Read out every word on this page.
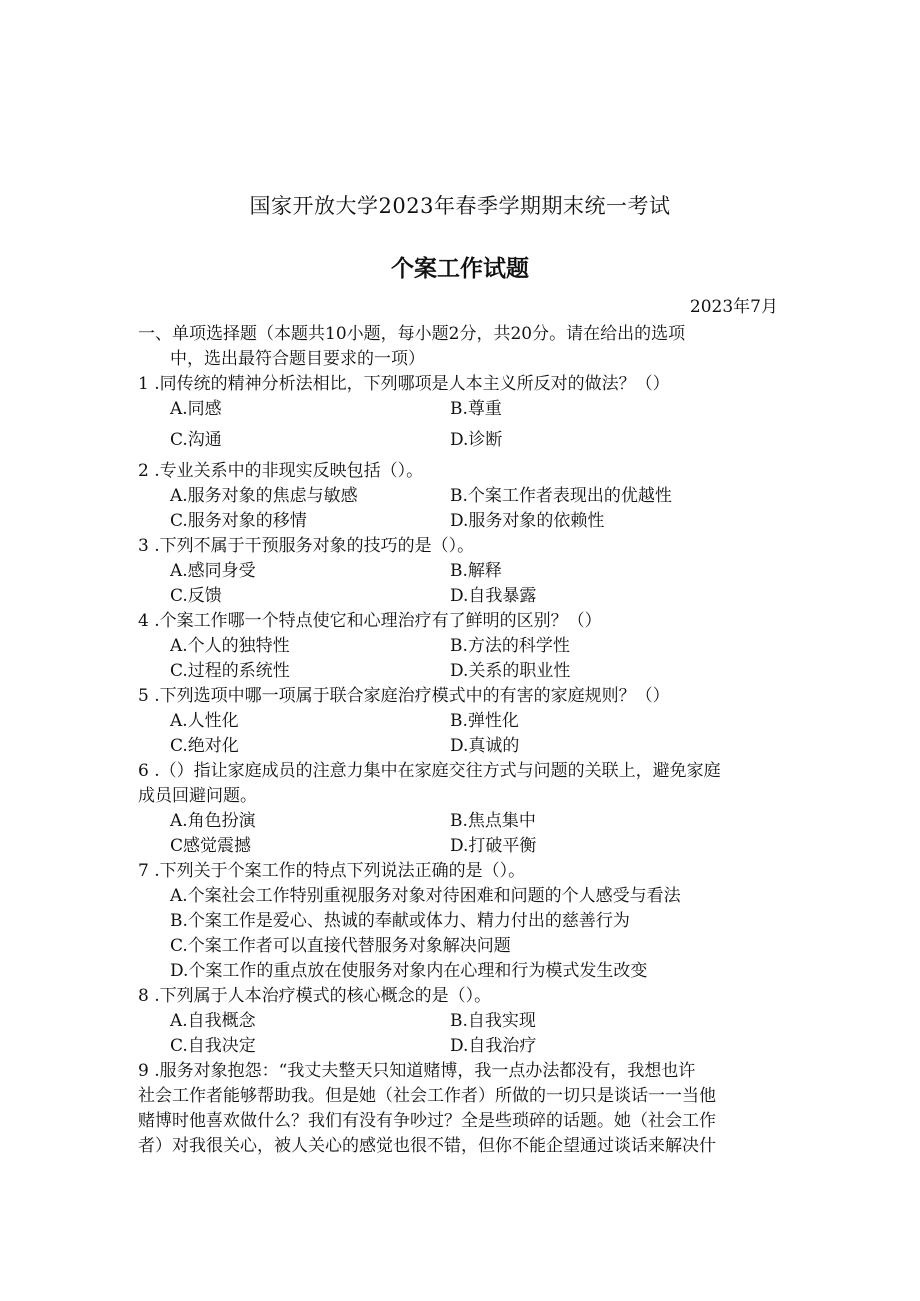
国家开放大学2023年春季学期期末统一考试
个案工作试题
2023年7月
一、单项选择题（本题共10小题，每小题2分，共20分。请在给出的选项
中，选出最符合题目要求的一项）
1 .同传统的精神分析法相比，下列哪项是人本主义所反对的做法？（）
A.同感	B.尊重
C.沟通	D.诊断
2 .专业关系中的非现实反映包括（）。
A.服务对象的焦虑与敏感	B.个案工作者表现出的优越性
C.服务对象的移情	D.服务对象的依赖性
3 .下列不属于干预服务对象的技巧的是（）。
A.感同身受	B.解释
C.反馈	D.自我暴露
4 .个案工作哪一个特点使它和心理治疗有了鲜明的区别？（）
A.个人的独特性	B.方法的科学性
C.过程的系统性	D.关系的职业性
5 .下列选项中哪一项属于联合家庭治疗模式中的有害的家庭规则？（）
A.人性化	B.弹性化
C.绝对化	D.真诚的
6 .（）指让家庭成员的注意力集中在家庭交往方式与问题的关联上，避免家庭
成员回避问题。
A.角色扮演	B.焦点集中
C感觉震撼	D.打破平衡
7 .下列关于个案工作的特点下列说法正确的是（）。
A.个案社会工作特别重视服务对象对待困难和问题的个人感受与看法
B.个案工作是爱心、热诚的奉献或体力、精力付出的慈善行为
C.个案工作者可以直接代替服务对象解决问题
D.个案工作的重点放在使服务对象内在心理和行为模式发生改变
8 .下列属于人本治疗模式的核心概念的是（）。
A.自我概念	B.自我实现
C.自我决定	D.自我治疗
9 .服务对象抱怨：“我丈夫整天只知道赌博，我一点办法都没有，我想也许
社会工作者能够帮助我。但是她（社会工作者）所做的一切只是谈话一一当他
赌博时他喜欢做什么？我们有没有争吵过？全是些琐碎的话题。她（社会工作
者）对我很关心，被人关心的感觉也很不错，但你不能企望通过谈话来解决什
